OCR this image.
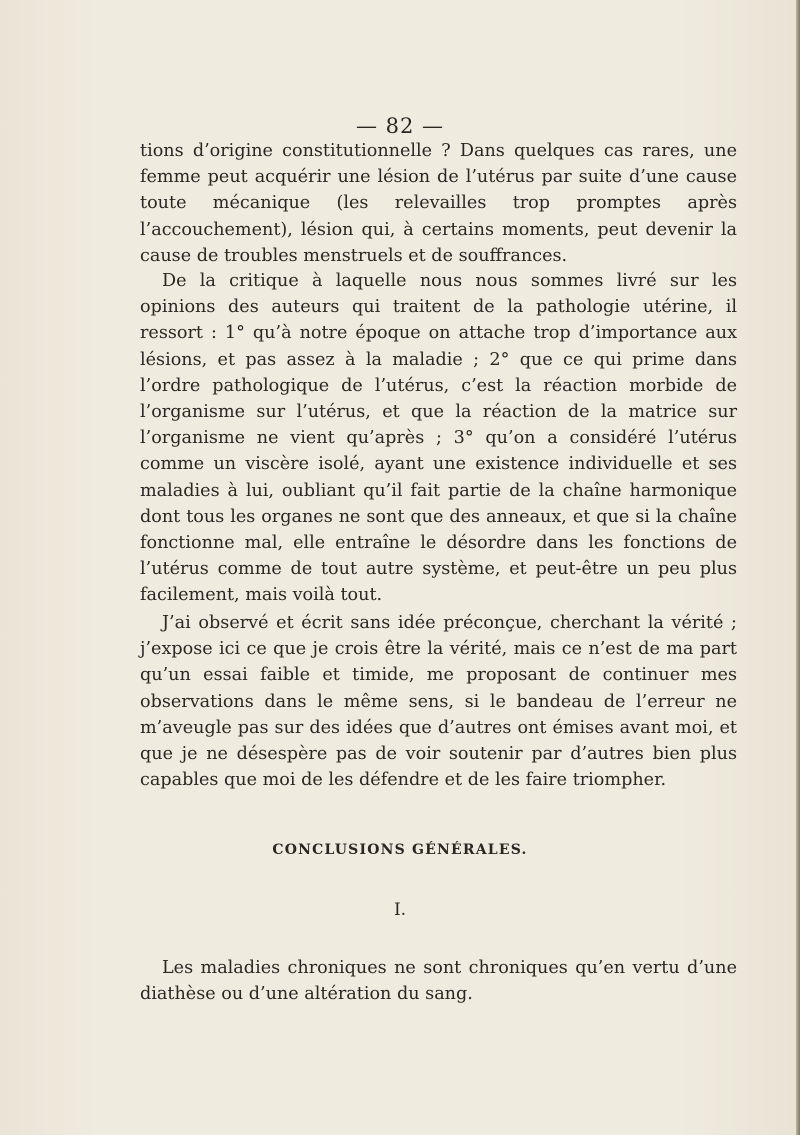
— 82 —

tions d’origine constitutionnelle ? Dans quelques cas rares, une femme peut acquérir une lésion de l’utérus par suite d’une cause toute mécanique (les relevailles trop promptes après l’accouchement), lésion qui, à certains moments, peut devenir la cause de troubles menstruels et de souffrances.

De la critique à laquelle nous nous sommes livré sur les opinions des auteurs qui traitent de la pathologie utérine, il ressort : 1° qu’à notre époque on attache trop d’importance aux lésions, et pas assez à la maladie ; 2° que ce qui prime dans l’ordre pathologique de l’utérus, c’est la réaction morbide de l’organisme sur l’utérus, et que la réaction de la matrice sur l’organisme ne vient qu’après ; 3° qu’on a considéré l’utérus comme un viscère isolé, ayant une existence individuelle et ses maladies à lui, oubliant qu’il fait partie de la chaîne harmonique dont tous les organes ne sont que des anneaux, et que si la chaîne fonctionne mal, elle entraîne le désordre dans les fonctions de l’utérus comme de tout autre système, et peut-être un peu plus facilement, mais voilà tout.

J’ai observé et écrit sans idée préconçue, cherchant la vérité ; j’expose ici ce que je crois être la vérité, mais ce n’est de ma part qu’un essai faible et timide, me proposant de continuer mes observations dans le même sens, si le bandeau de l’erreur ne m’aveugle pas sur des idées que d’autres ont émises avant moi, et que je ne désespère pas de voir soutenir par d’autres bien plus capables que moi de les défendre et de les faire triompher.

CONCLUSIONS GÉNÉRALES.
I.

Les maladies chroniques ne sont chroniques qu’en vertu d’une diathèse ou d’une altération du sang.
